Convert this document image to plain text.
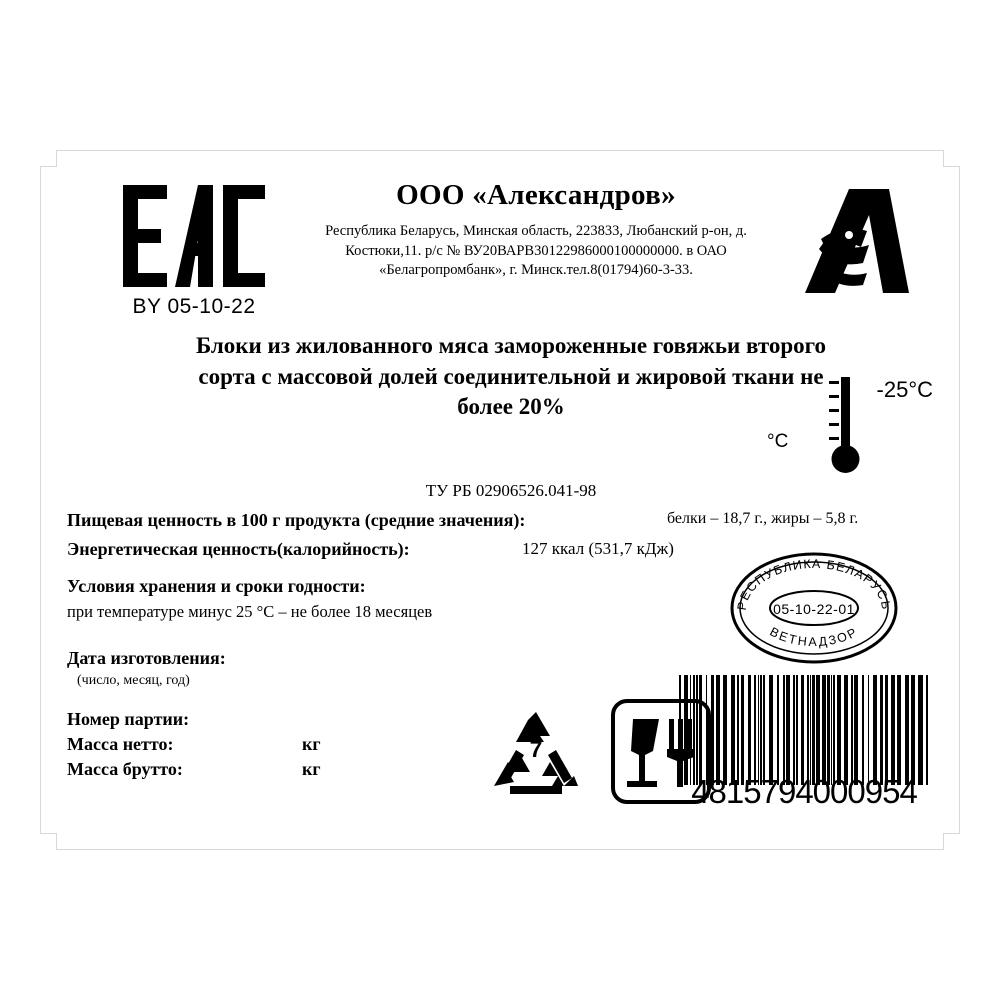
BY 05-10-22
ООО «Александров»
Республика Беларусь, Минская область, 223833, Любанский р-он, д. Костюки,11. р/с № ВУ20ВАРВ30122986000100000000. в ОАО «Белагропромбанк», г. Минск.тел.8(01794)60-3-33.
Блоки из жилованного мяса замороженные говяжьи второго сорта с массовой долей соединительной и жировой ткани не более 20%
ТУ РБ 02906526.041-98
-25°C
°C
Пищевая ценность в 100 г продукта (средние значения):	белки – 18,7 г., жиры – 5,8 г.
Энергетическая ценность(калорийность):	127 ккал (531,7 кДж)
Условия хранения и сроки годности:
при температуре минус 25 °С – не более 18 месяцев
Дата изготовления:
(число, месяц, год)
Номер партии:
Масса нетто:	кг
Масса брутто:	кг
РЕСПУБЛИКА БЕЛАРУСЬ
ВЕТНАДЗОР
05-10-22-01
7
4815794000954
